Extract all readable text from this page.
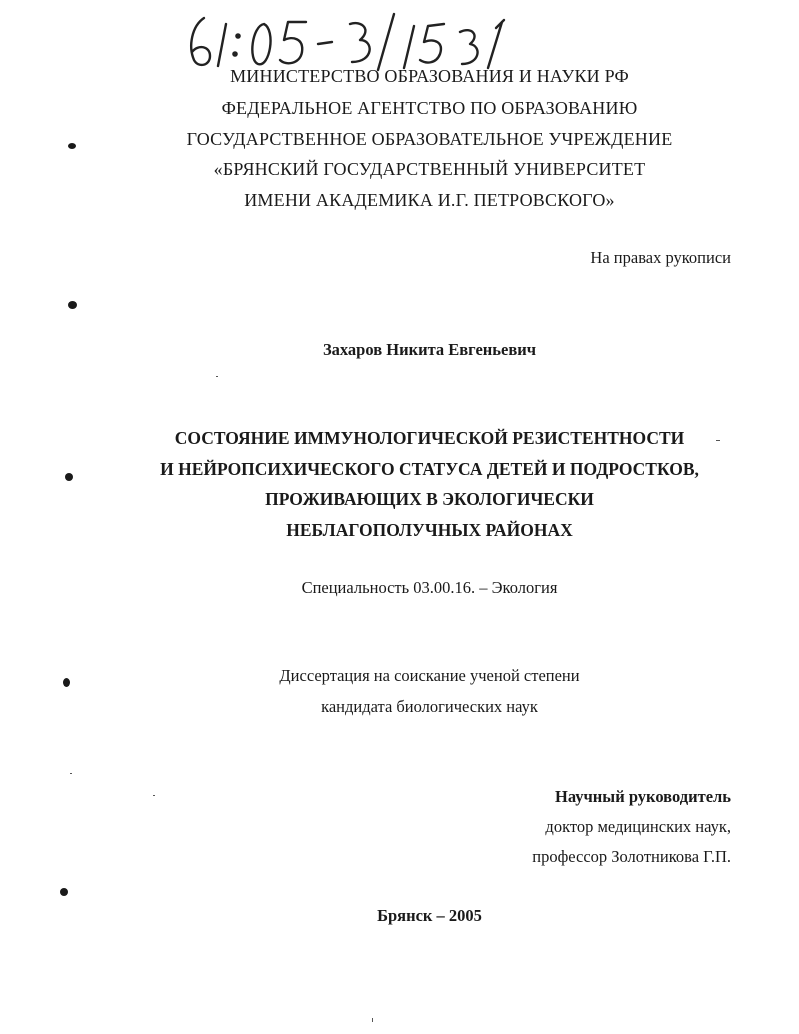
МИНИСТЕРСТВО ОБРАЗОВАНИЯ И НАУКИ РФ
ФЕДЕРАЛЬНОЕ АГЕНТСТВО ПО ОБРАЗОВАНИЮ
ГОСУДАРСТВЕННОЕ ОБРАЗОВАТЕЛЬНОЕ УЧРЕЖДЕНИЕ
«БРЯНСКИЙ ГОСУДАРСТВЕННЫЙ УНИВЕРСИТЕТ
ИМЕНИ АКАДЕМИКА И.Г. ПЕТРОВСКОГО»
На правах рукописи
Захаров Никита Евгеньевич
СОСТОЯНИЕ ИММУНОЛОГИЧЕСКОЙ РЕЗИСТЕНТНОСТИ
И НЕЙРОПСИХИЧЕСКОГО СТАТУСА ДЕТЕЙ И ПОДРОСТКОВ,
ПРОЖИВАЮЩИХ В ЭКОЛОГИЧЕСКИ
НЕБЛАГОПОЛУЧНЫХ РАЙОНАХ
Специальность 03.00.16. – Экология
Диссертация на соискание ученой степени
кандидата биологических наук
Научный руководитель
доктор медицинских наук,
профессор Золотникова Г.П.
Брянск – 2005
